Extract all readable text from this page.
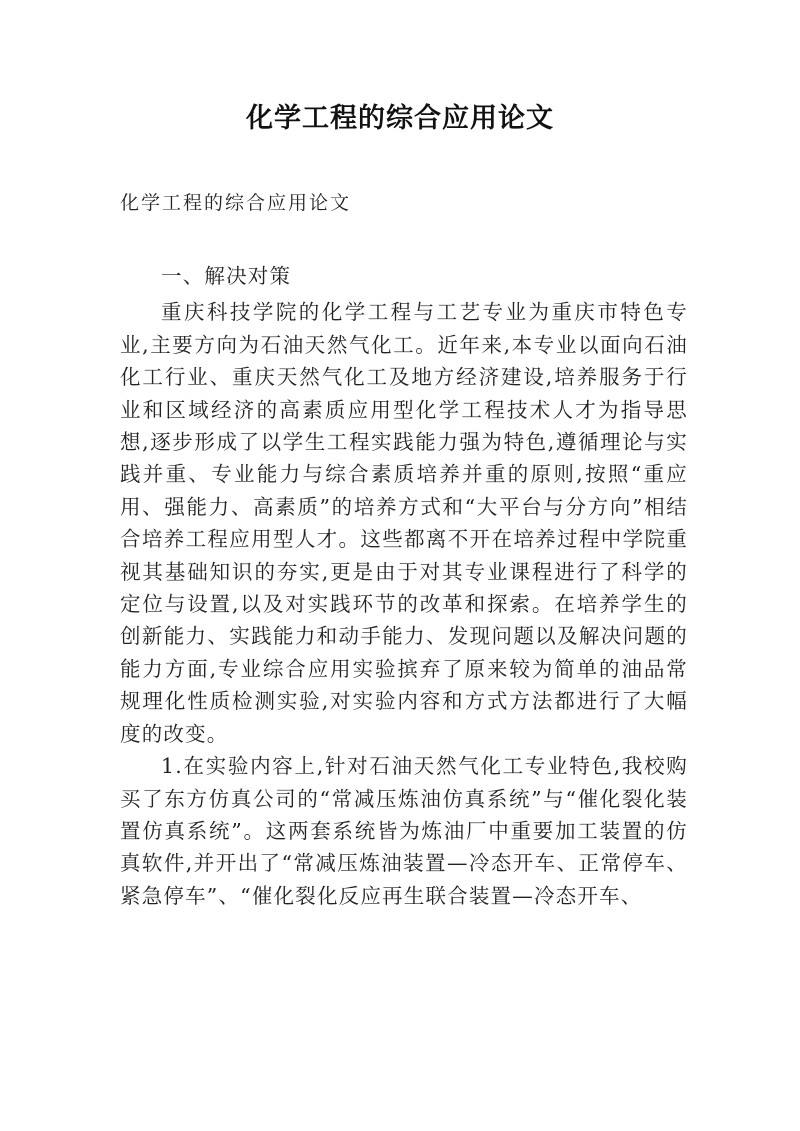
化学工程的综合应用论文

化学工程的综合应用论文

一、解决对策

重庆科技学院的化学工程与工艺专业为重庆市特色专业,主要方向为石油天然气化工。近年来,本专业以面向石油化工行业、重庆天然气化工及地方经济建设,培养服务于行业和区域经济的高素质应用型化学工程技术人才为指导思想,逐步形成了以学生工程实践能力强为特色,遵循理论与实践并重、专业能力与综合素质培养并重的原则,按照“重应用、强能力、高素质”的培养方式和“大平台与分方向”相结合培养工程应用型人才。这些都离不开在培养过程中学院重视其基础知识的夯实,更是由于对其专业课程进行了科学的定位与设置,以及对实践环节的改革和探索。在培养学生的创新能力、实践能力和动手能力、发现问题以及解决问题的能力方面,专业综合应用实验摈弃了原来较为简单的油品常规理化性质检测实验,对实验内容和方式方法都进行了大幅度的改变。

1.在实验内容上,针对石油天然气化工专业特色,我校购买了东方仿真公司的“常减压炼油仿真系统”与“催化裂化装置仿真系统”。这两套系统皆为炼油厂中重要加工装置的仿真软件,并开出了“常减压炼油装置—冷态开车、正常停车、紧急停车”、“催化裂化反应再生联合装置—冷态开车、
